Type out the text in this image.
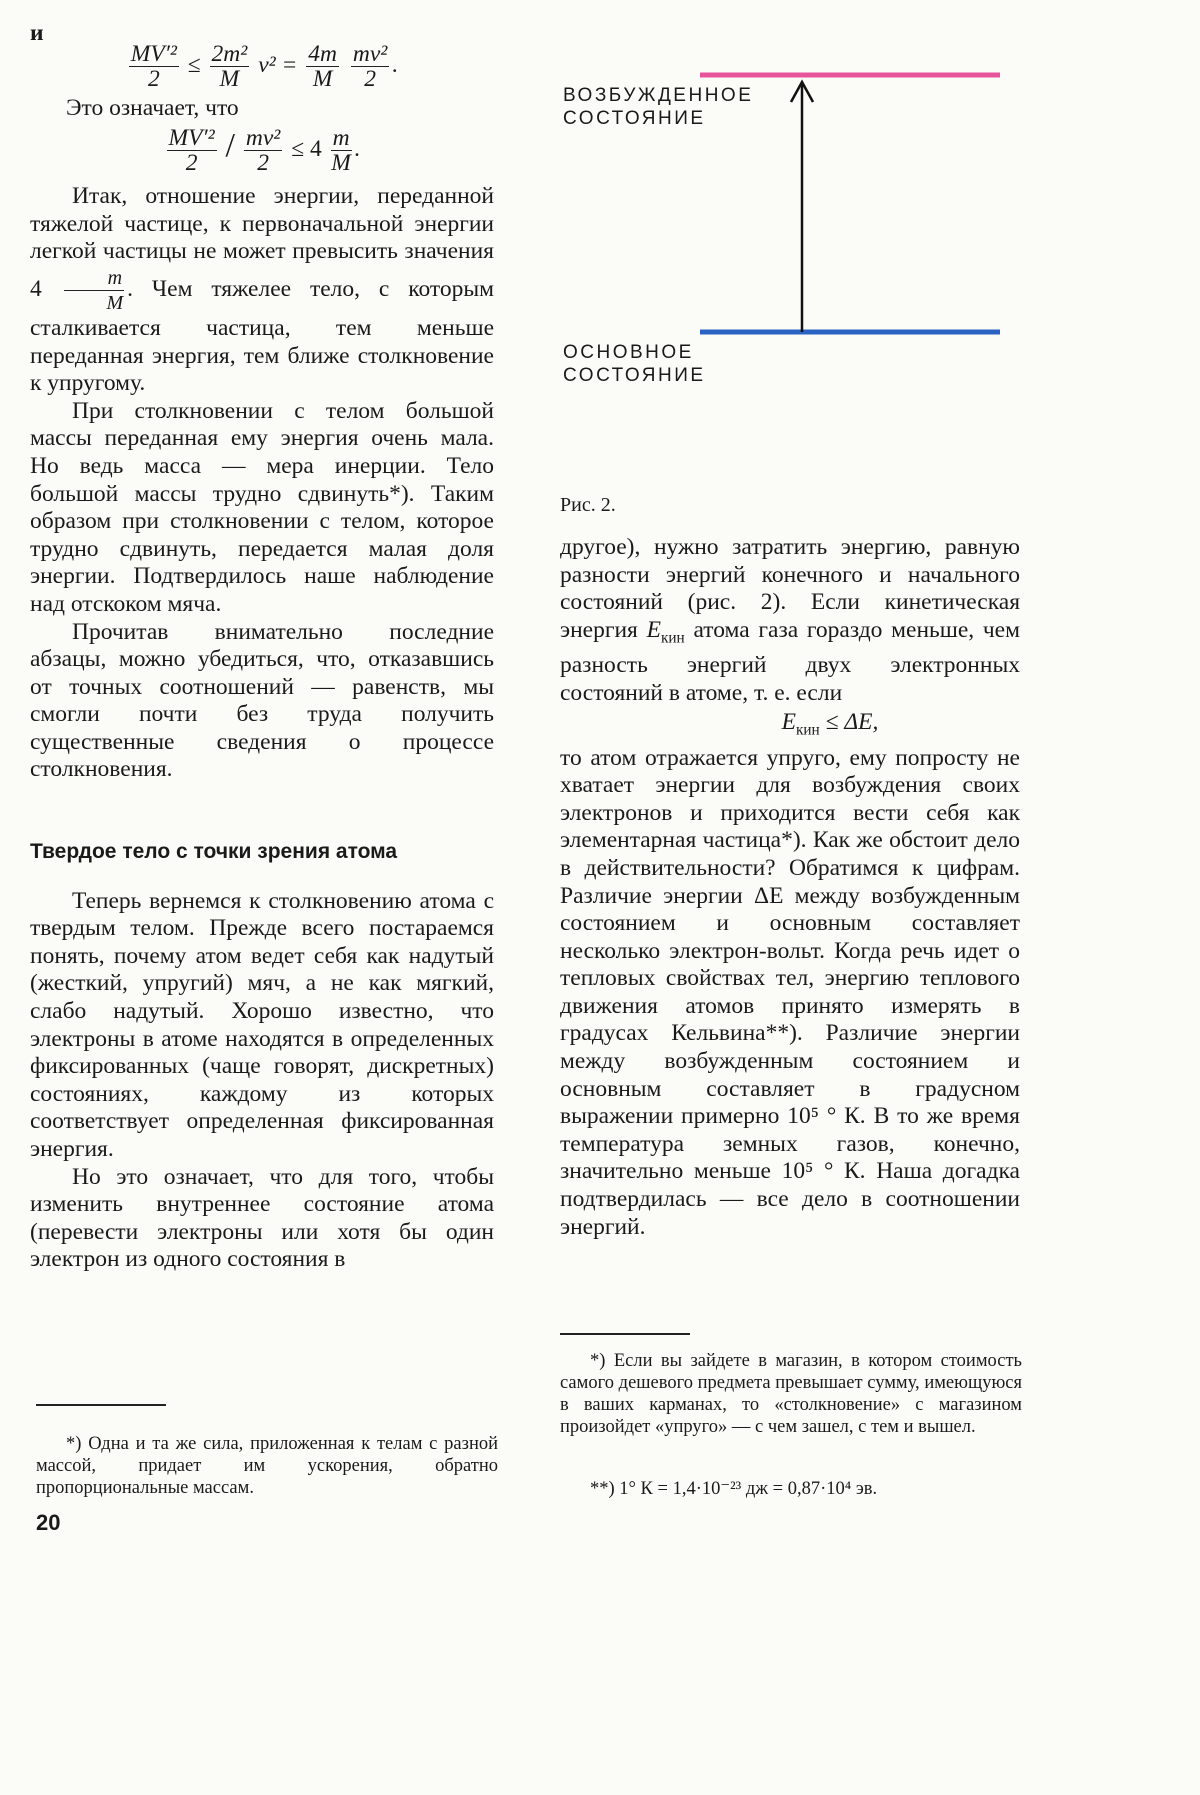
и
$\frac{\text{MV′²}}{2} \le \frac{\text{2m²}}{M} v^2 = \frac{4m}{M}$
$\frac{\text{mv²}}{2}$ .

Это означает, что

$\frac{\text{MV′²}}{2} / \frac{\text{mv²}}{2} \le 4 \frac{m}{M}$ .

Итак, отношение энергии, переданной тяжелой частице, к первоначальной энергии легкой частицы не может превысить значения $4 \frac{m}{M}$ . Чем тяжелее тело, с которым сталкивается частица, тем меньше переданная энергия, тем ближе столкновение к упругому.

При столкновении с телом большой массы переданная ему энергия очень мала. Но ведь масса — мера инерции. Тело большой массы трудно сдвинуть*). Таким образом при столкновении с телом, которое трудно сдвинуть, передается малая доля энергии. Подтвердилось наше наблюдение над отскоком мяча.

Прочитав внимательно последние абзацы, можно убедиться, что, отказавшись от точных соотношений — равенств, мы смогли почти без труда получить существенные сведения о процессе столкновения.

Твердое тело с точки зрения атома

Теперь вернемся к столкновению атома с твердым телом. Прежде всего постараемся понять, почему атом ведет себя как надутый (жесткий, упругий) мяч, а не как мягкий, слабо надутый. Хорошо известно, что электроны в атоме находятся в определенных фиксированных (чаще говорят, дискретных) состояниях, каждому из которых соответствует определенная фиксированная энергия.

Но это означает, что для того, чтобы изменить внутреннее состояние атома (перевести электроны или хотя бы один электрон из одного состояния в

*) Одна и та же сила, приложенная к телам с разной массой, придает им ускорения, обратно пропорциональные массам.
20
ВОЗБУЖДЕННОЕ
СОСТОЯНИЕ
ОСНОВНОЕ
СОСТОЯНИЕ
Рис. 2.

другое), нужно затратить энергию, равную разности энергий конечного и начального состояний (рис. 2). Если кинетическая энергия $E_{кин}$ атома газа гораздо меньше, чем разность энергий двух электронных состояний в атоме, т. е. если

$E_{кин} \le \Delta E$,

то атом отражается упруго, ему попросту не хватает энергии для возбуждения своих электронов и приходится вести себя как элементарная частица*). Как же обстоит дело в действительности? Обратимся к цифрам. Различие энергии ΔE между возбужденным состоянием и основным составляет несколько электрон-вольт. Когда речь идет о тепловых свойствах тел, энергию теплового движения атомов принято измерять в градусах Кельвина**). Различие энергии между возбужденным состоянием и основным составляет в градусном выражении примерно 10⁵ ° К. В то же время температура земных газов, конечно, значительно меньше 10⁵ ° К. Наша догадка подтвердилась — все дело в соотношении энергий.

*) Если вы зайдете в магазин, в котором стоимость самого дешевого предмета превышает сумму, имеющуюся в ваших карманах, то «столкновение» с магазином произойдет «упруго» — с чем зашел, с тем и вышел.
**) 1° К = 1,4·10⁻²³ дж = 0,87·10⁴ эв.
